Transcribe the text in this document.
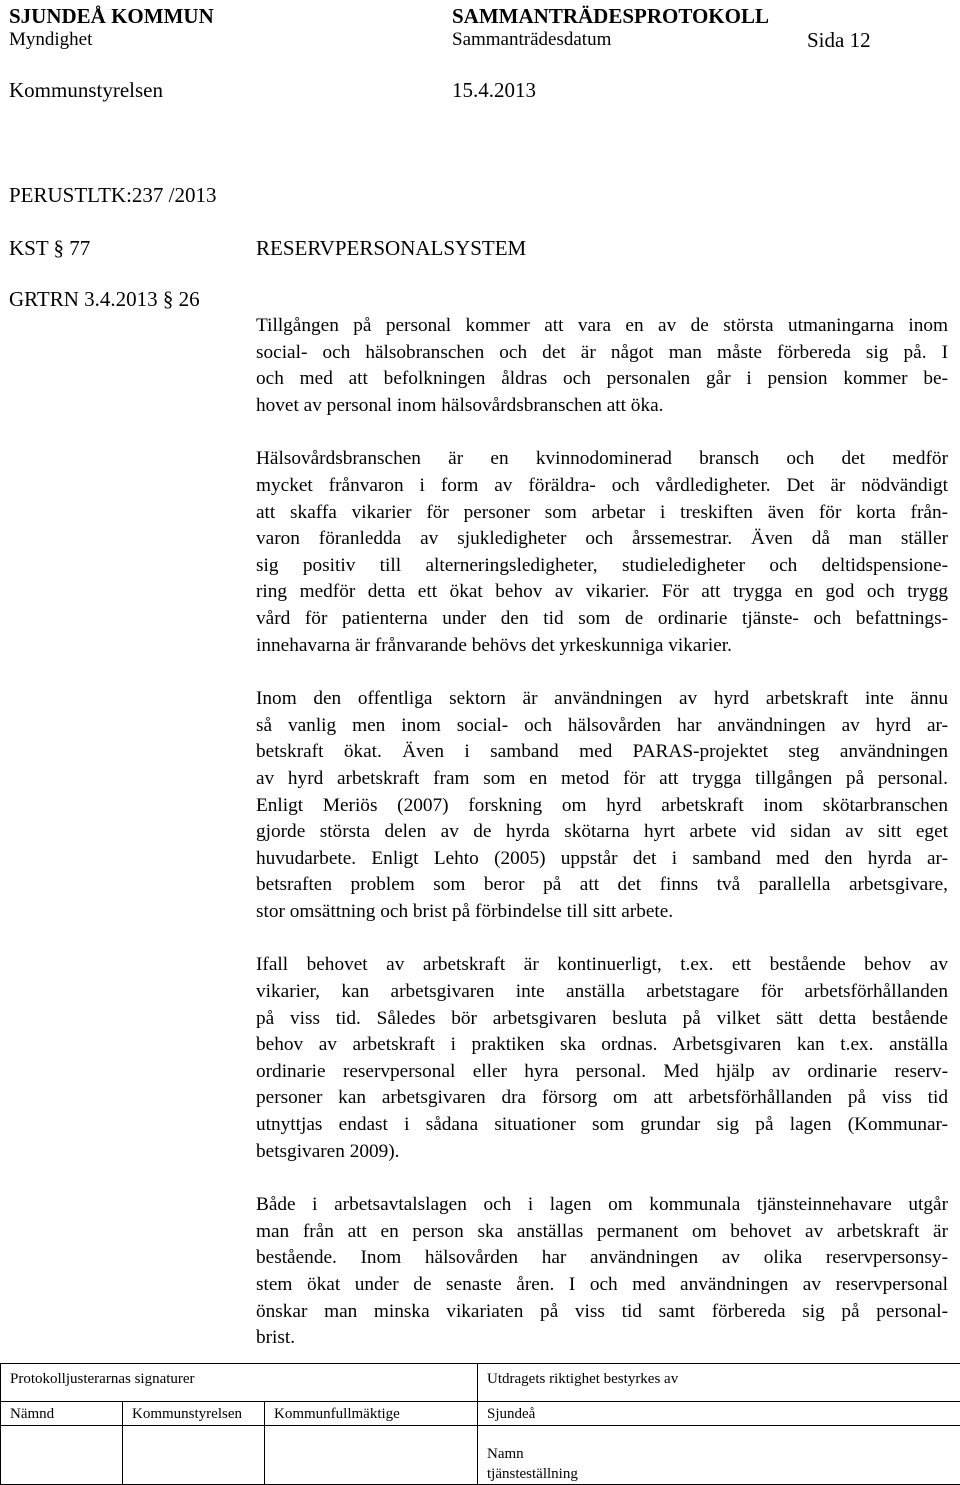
SJUNDEÅ KOMMUN	SAMMANTRÄDESPROTOKOLL
Myndighet	Sammanträdesdatum	Sida 12
Kommunstyrelsen	15.4.2013
PERUSTLTK:237 /2013
KST § 77
GRTRN 3.4.2013 § 26
RESERVPERSONALSYSTEM

Tillgången på personal kommer att vara en av de största utmaningarna inom
social- och hälsobranschen och det är något man måste förbereda sig på. I
och med att befolkningen åldras och personalen går i pension kommer be-
hovet av personal inom hälsovårdsbranschen att öka.

Hälsovårdsbranschen är en kvinnodominerad bransch och det medför
mycket frånvaron i form av föräldra- och vårdledigheter. Det är nödvändigt
att skaffa vikarier för personer som arbetar i treskiften även för korta från-
varon föranledda av sjukledigheter och årssemestrar. Även då man ställer
sig positiv till alterneringsledigheter, studieledigheter och deltidspensione-
ring medför detta ett ökat behov av vikarier. För att trygga en god och trygg
vård för patienterna under den tid som de ordinarie tjänste- och befattnings-
innehavarna är frånvarande behövs det yrkeskunniga vikarier.

Inom den offentliga sektorn är användningen av hyrd arbetskraft inte ännu
så vanlig men inom social- och hälsovården har användningen av hyrd ar-
betskraft ökat. Även i samband med PARAS-projektet steg användningen
av hyrd arbetskraft fram som en metod för att trygga tillgången på personal.
Enligt Meriös (2007) forskning om hyrd arbetskraft inom skötarbranschen
gjorde största delen av de hyrda skötarna hyrt arbete vid sidan av sitt eget
huvudarbete. Enligt Lehto (2005) uppstår det i samband med den hyrda ar-
betsraften problem som beror på att det finns två parallella arbetsgivare,
stor omsättning och brist på förbindelse till sitt arbete.

Ifall behovet av arbetskraft är kontinuerligt, t.ex. ett bestående behov av
vikarier, kan arbetsgivaren inte anställa arbetstagare för arbetsförhållanden
på viss tid. Således bör arbetsgivaren besluta på vilket sätt detta bestående
behov av arbetskraft i praktiken ska ordnas. Arbetsgivaren kan t.ex. anställa
ordinarie reservpersonal eller hyra personal. Med hjälp av ordinarie reserv-
personer kan arbetsgivaren dra försorg om att arbetsförhållanden på viss tid
utnyttjas endast i sådana situationer som grundar sig på lagen (Kommunar-
betsgivaren 2009).

Både i arbetsavtalslagen och i lagen om kommunala tjänsteinnehavare utgår
man från att en person ska anställas permanent om behovet av arbetskraft är
bestående. Inom hälsovården har användningen av olika reservpersonsy-
stem ökat under de senaste åren. I och med användningen av reservpersonal
önskar man minska vikariaten på viss tid samt förbereda sig på personal-
brist.

Protokolljusterarnas signaturer			Utdragets riktighet bestyrkes av
Nämnd	Kommunstyrelsen	Kommunfullmäktige	Sjundeå

			Namn
tjänsteställning
